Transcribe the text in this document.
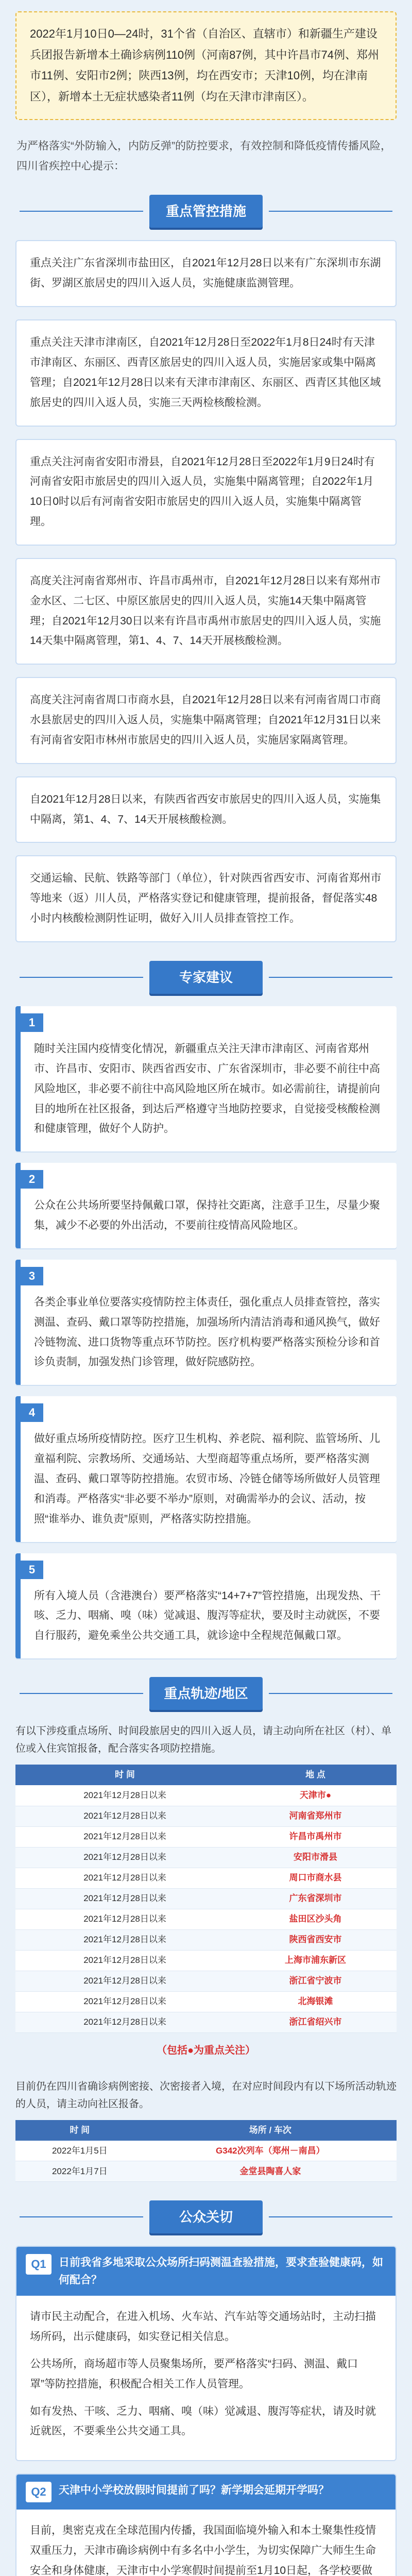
2022年1月10日0—24时，31个省（自治区、直辖市）和新疆生产建设兵团报告新增本土确诊病例110例（河南87例，其中许昌市74例、郑州市11例、安阳市2例；陕西13例，均在西安市；天津10例，均在津南区），新增本土无症状感染者11例（均在天津市津南区）。
为严格落实“外防输入，内防反弹”的防控要求，有效控制和降低疫情传播风险，四川省疾控中心提示：
重点管控措施
重点关注广东省深圳市盐田区，自2021年12月28日以来有广东深圳市东湖街、罗湖区旅居史的四川入返人员，实施健康监测管理。
重点关注天津市津南区，自2021年12月28日至2022年1月8日24时有天津市津南区、东丽区、西青区旅居史的四川入返人员，实施居家或集中隔离管理；自2021年12月28日以来有天津市津南区、东丽区、西青区其他区域旅居史的四川入返人员，实施三天两检核酸检测。
重点关注河南省安阳市滑县，自2021年12月28日至2022年1月9日24时有河南省安阳市旅居史的四川入返人员，实施集中隔离管理；自2022年1月10日0时以后有河南省安阳市旅居史的四川入返人员，实施集中隔离管理。
高度关注河南省郑州市、许昌市禹州市，自2021年12月28日以来有郑州市金水区、二七区、中原区旅居史的四川入返人员，实施14天集中隔离管理；自2021年12月30日以来有许昌市禹州市旅居史的四川入返人员，实施14天集中隔离管理，第1、4、7、14天开展核酸检测。
高度关注河南省周口市商水县，自2021年12月28日以来有河南省周口市商水县旅居史的四川入返人员，实施集中隔离管理；自2021年12月31日以来有河南省安阳市林州市旅居史的四川入返人员，实施居家隔离管理。
自2021年12月28日以来，有陕西省西安市旅居史的四川入返人员，实施集中隔离，第1、4、7、14天开展核酸检测。
交通运输、民航、铁路等部门（单位），针对陕西省西安市、河南省郑州市等地来（返）川人员，严格落实登记和健康管理，提前报备，督促落实48小时内核酸检测阴性证明，做好入川人员排查管控工作。
专家建议
1
随时关注国内疫情变化情况，新疆重点关注天津市津南区、河南省郑州市、许昌市、安阳市、陕西省西安市、广东省深圳市，非必要不前往中高风险地区，非必要不前往中高风险地区所在城市。如必需前往，请提前向目的地所在社区报备，到达后严格遵守当地防控要求，自觉接受核酸检测和健康管理，做好个人防护。
2
公众在公共场所要坚持佩戴口罩，保持社交距离，注意手卫生，尽量少聚集，减少不必要的外出活动，不要前往疫情高风险地区。
3
各类企事业单位要落实疫情防控主体责任，强化重点人员排查管控，落实测温、查码、戴口罩等防控措施，加强场所内清洁消毒和通风换气，做好冷链物流、进口货物等重点环节防控。医疗机构要严格落实预检分诊和首诊负责制，加强发热门诊管理，做好院感防控。
4
做好重点场所疫情防控。医疗卫生机构、养老院、福利院、监管场所、儿童福利院、宗教场所、交通场站、大型商超等重点场所，要严格落实测温、查码、戴口罩等防控措施。农贸市场、冷链仓储等场所做好人员管理和消毒。严格落实“非必要不举办”原则，对确需举办的会议、活动，按照“谁举办、谁负责”原则，严格落实防控措施。
5
所有入境人员（含港澳台）要严格落实“14+7+7”管控措施，出现发热、干咳、乏力、咽痛、嗅（味）觉减退、腹泻等症状，要及时主动就医，不要自行服药，避免乘坐公共交通工具，就诊途中全程规范佩戴口罩。
重点轨迹/地区
有以下涉疫重点场所、时间段旅居史的四川入返人员，请主动向所在社区（村）、单位或入住宾馆报备，配合落实各项防控措施。
时 间	地 点
2021年12月28日以来	天津市●
2021年12月28日以来	河南省郑州市
2021年12月28日以来	许昌市禹州市
2021年12月28日以来	安阳市滑县
2021年12月28日以来	周口市商水县
2021年12月28日以来	广东省深圳市
2021年12月28日以来	盐田区沙头角
2021年12月28日以来	陕西省西安市
2021年12月28日以来	上海市浦东新区
2021年12月28日以来	浙江省宁波市
2021年12月28日以来	北海银滩
2021年12月28日以来	浙江省绍兴市
（包括●为重点关注）
目前仍在四川省确诊病例密接、次密接者入境，在对应时间段内有以下场所活动轨迹的人员，请主动向社区报备。
时 间	场所 / 车次
2022年1月5日	G342次列车（郑州－南昌）
2022年1月7日	金堂县陶喜人家
公众关切
Q1	日前我省多地采取公众场所扫码测温查验措施，要求查验健康码，如何配合？

请市民主动配合，在进入机场、火车站、汽车站等交通场站时，主动扫描场所码，出示健康码，如实登记相关信息。

公共场所，商场超市等人员聚集场所，要严格落实“扫码、测温、戴口罩”等防控措施，积极配合相关工作人员管理。

如有发热、干咳、乏力、咽痛、嗅（味）觉减退、腹泻等症状，请及时就近就医，不要乘坐公共交通工具。

Q2	天津中小学校放假时间提前了吗？新学期会延期开学吗？

目前，奥密克戎在全球范围内传播，我国面临境外输入和本土聚集性疫情双重压力，天津市确诊病例中有多名中小学生，为切实保障广大师生生命安全和身体健康，天津市中小学寒假时间提前至1月10日起，各学校要做
